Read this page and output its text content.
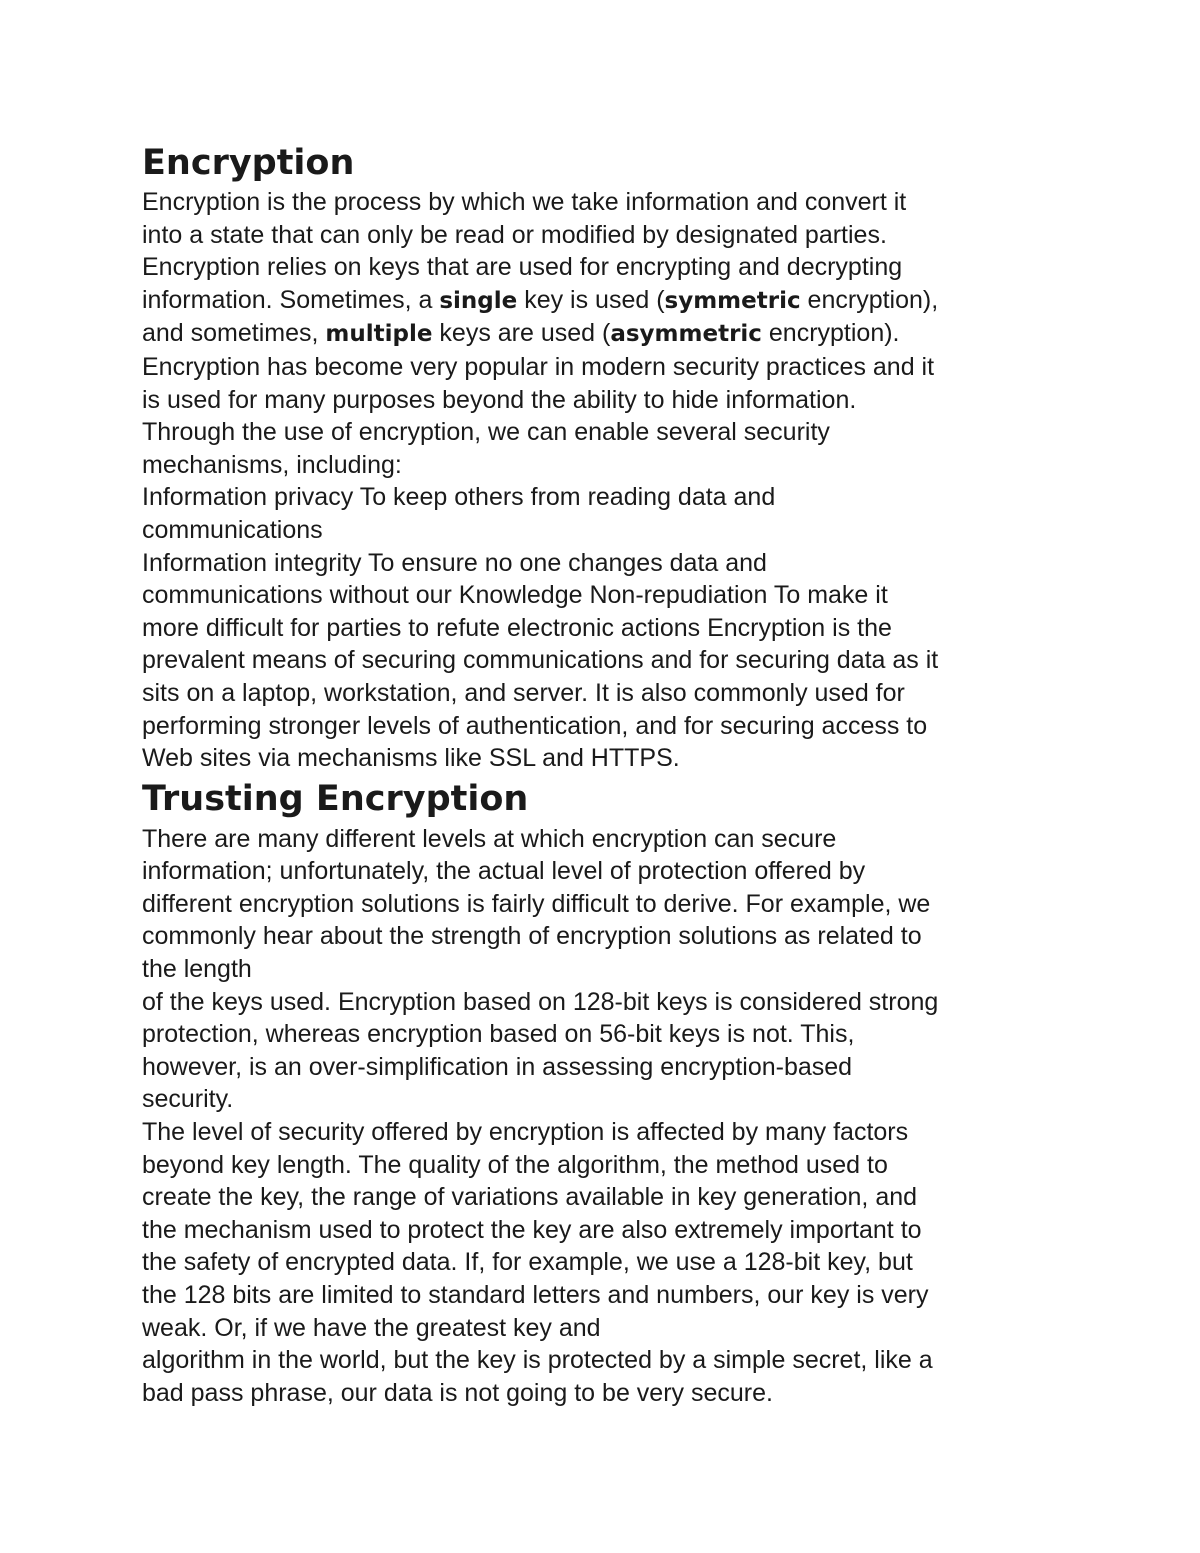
Encryption
Encryption is the process by which we take information and convert it
into a state that can only be read or modified by designated parties.
Encryption relies on keys that are used for encrypting and decrypting
information. Sometimes, a single key is used (symmetric encryption),
and sometimes, multiple keys are used (asymmetric encryption).
Encryption has become very popular in modern security practices and it
is used for many purposes beyond the ability to hide information.
Through the use of encryption, we can enable several security
mechanisms, including:
Information privacy To keep others from reading data and
communications
Information integrity To ensure no one changes data and
communications without our Knowledge Non-repudiation To make it
more difficult for parties to refute electronic actions Encryption is the
prevalent means of securing communications and for securing data as it
sits on a laptop, workstation, and server. It is also commonly used for
performing stronger levels of authentication, and for securing access to
Web sites via mechanisms like SSL and HTTPS.
Trusting Encryption
There are many different levels at which encryption can secure
information; unfortunately, the actual level of protection offered by
different encryption solutions is fairly difficult to derive. For example, we
commonly hear about the strength of encryption solutions as related to
the length
of the keys used. Encryption based on 128-bit keys is considered strong
protection, whereas encryption based on 56-bit keys is not. This,
however, is an over-simplification in assessing encryption-based
security.
The level of security offered by encryption is affected by many factors
beyond key length. The quality of the algorithm, the method used to
create the key, the range of variations available in key generation, and
the mechanism used to protect the key are also extremely important to
the safety of encrypted data. If, for example, we use a 128-bit key, but
the 128 bits are limited to standard letters and numbers, our key is very
weak. Or, if we have the greatest key and
algorithm in the world, but the key is protected by a simple secret, like a
bad pass phrase, our data is not going to be very secure.
